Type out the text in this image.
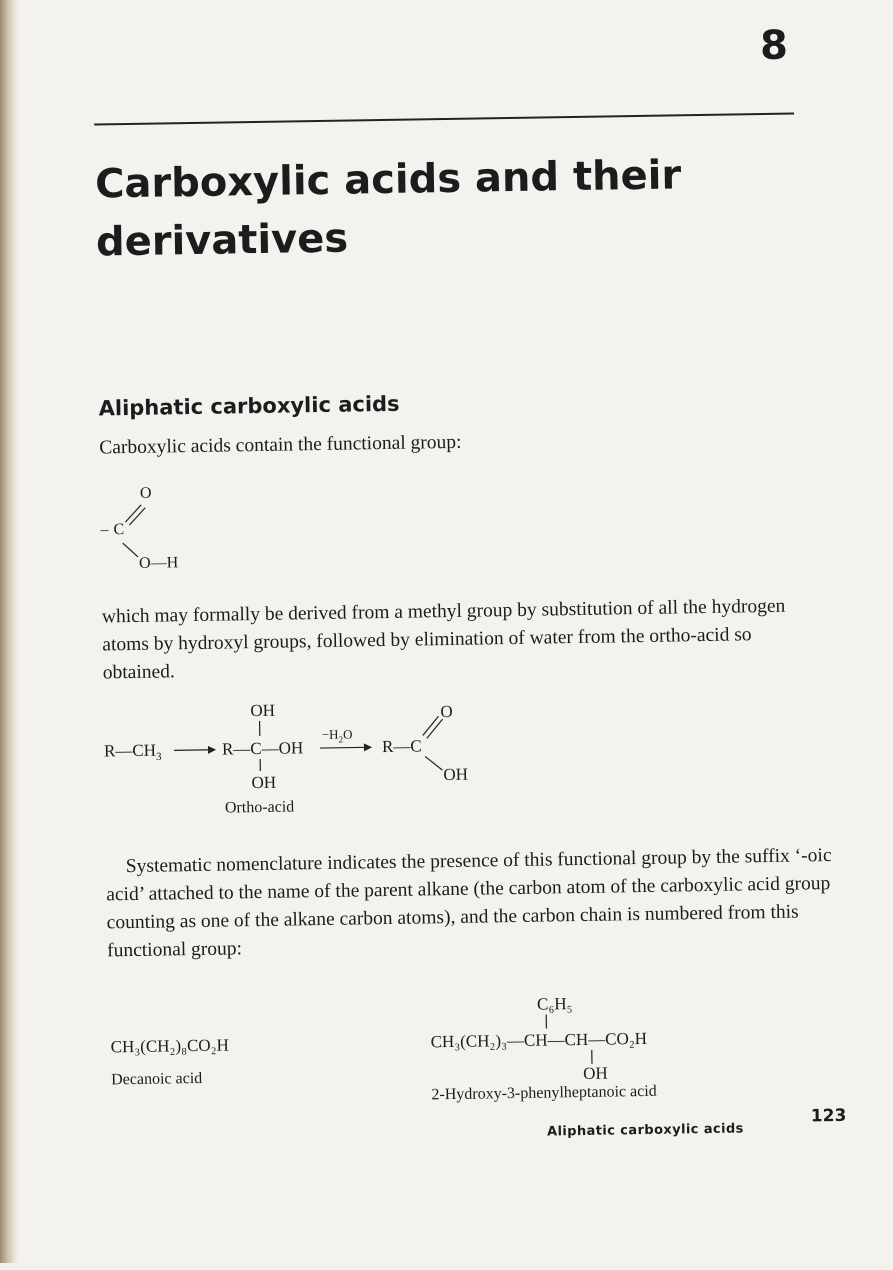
8
Carboxylic acids and their derivatives
Aliphatic carboxylic acids
Carboxylic acids contain the functional group:
O
– C
O—H
which may formally be derived from a methyl group by substitution of all the hydrogen atoms by hydroxyl groups, followed by elimination of water from the ortho-acid so obtained.
$R—CH_3$
OH
R—C—OH
OH
$-H_2O$
R—C
O
OH
Ortho-acid
Systematic nomenclature indicates the presence of this functional group by the suffix ‘-oic acid’ attached to the name of the parent alkane (the carbon atom of the carboxylic acid group counting as one of the alkane carbon atoms), and the carbon chain is numbered from this functional group:
CH₃(CH₂)₈CO₂H
Decanoic acid
C₆H₅
CH₃(CH₂)₃—CH—CH—CO₂H
OH
2-Hydroxy-3-phenylheptanoic acid
Aliphatic carboxylic acids
123
